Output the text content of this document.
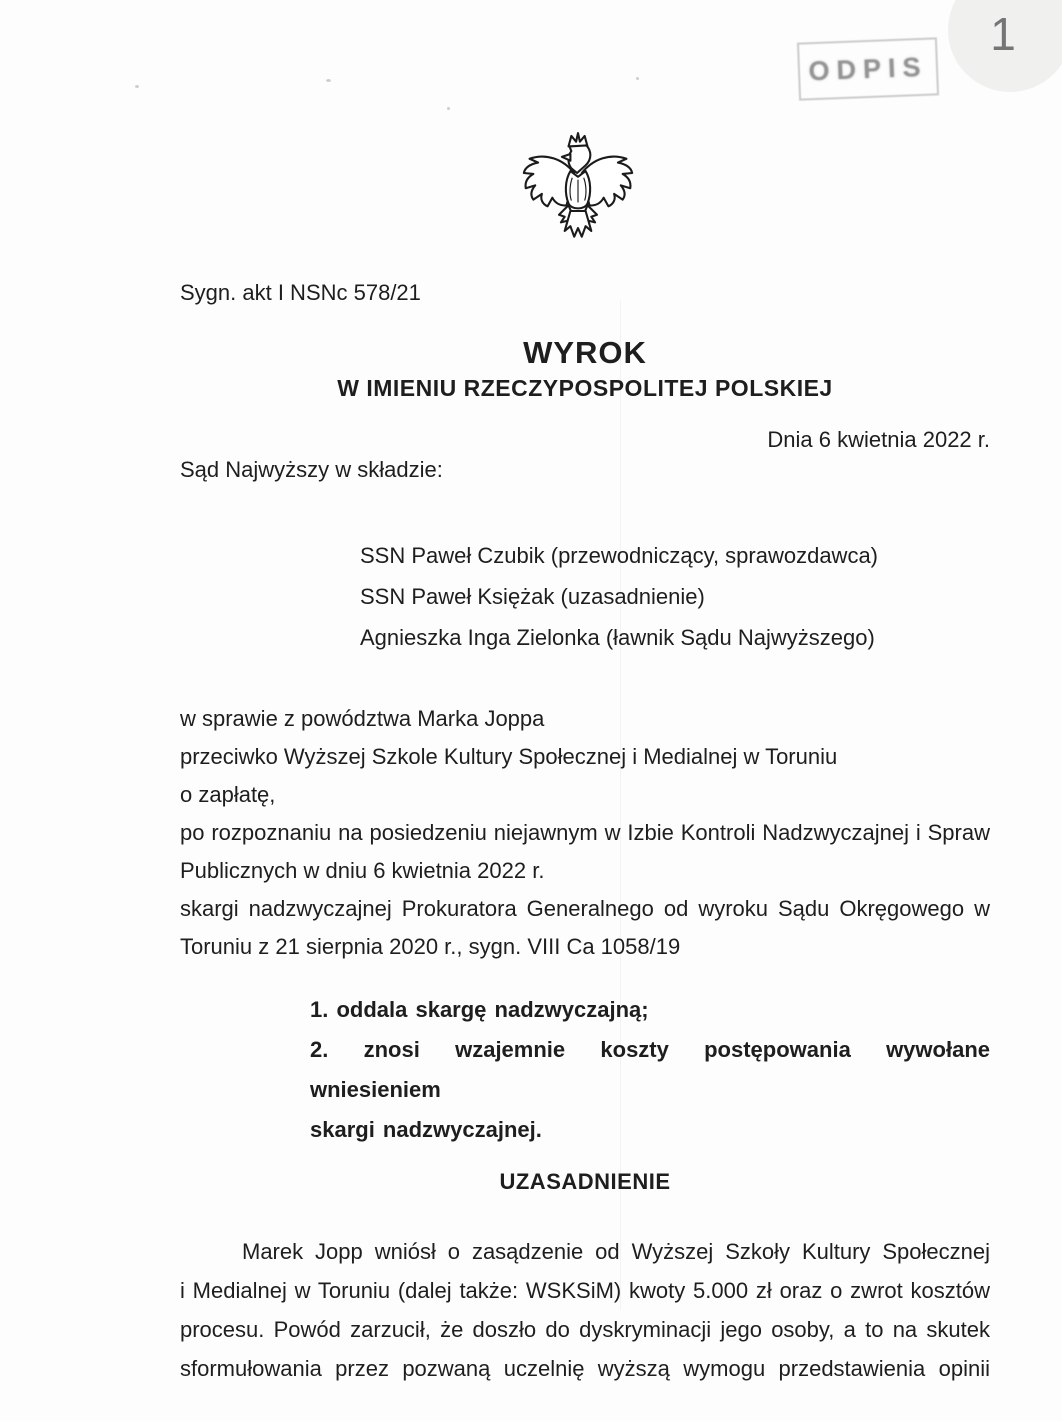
1
ODPIS
Sygn. akt I NSNc 578/21
WYROK
W IMIENIU RZECZYPOSPOLITEJ POLSKIEJ
Dnia 6 kwietnia 2022 r.
Sąd Najwyższy w składzie:
SSN Paweł Czubik (przewodniczący, sprawozdawca)
SSN Paweł Księżak (uzasadnienie)
Agnieszka Inga Zielonka (ławnik Sądu Najwyższego)
w sprawie z powództwa Marka Joppa
przeciwko Wyższej Szkole Kultury Społecznej i Medialnej w Toruniu
o zapłatę,
po rozpoznaniu na posiedzeniu niejawnym w Izbie Kontroli Nadzwyczajnej i Spraw
Publicznych w dniu 6 kwietnia 2022 r.
skargi nadzwyczajnej Prokuratora Generalnego od wyroku Sądu Okręgowego w
Toruniu z 21 sierpnia 2020 r., sygn. VIII Ca 1058/19
1. oddala skargę nadzwyczajną;
2. znosi wzajemnie koszty postępowania wywołane wniesieniem
skargi nadzwyczajnej.
UZASADNIENIE
Marek Jopp wniósł o zasądzenie od Wyższej Szkoły Kultury Społecznej
i Medialnej w Toruniu (dalej także: WSKSiM) kwoty 5.000 zł oraz o zwrot kosztów
procesu. Powód zarzucił, że doszło do dyskryminacji jego osoby, a to na skutek
sformułowania przez pozwaną uczelnię wyższą wymogu przedstawienia opinii
